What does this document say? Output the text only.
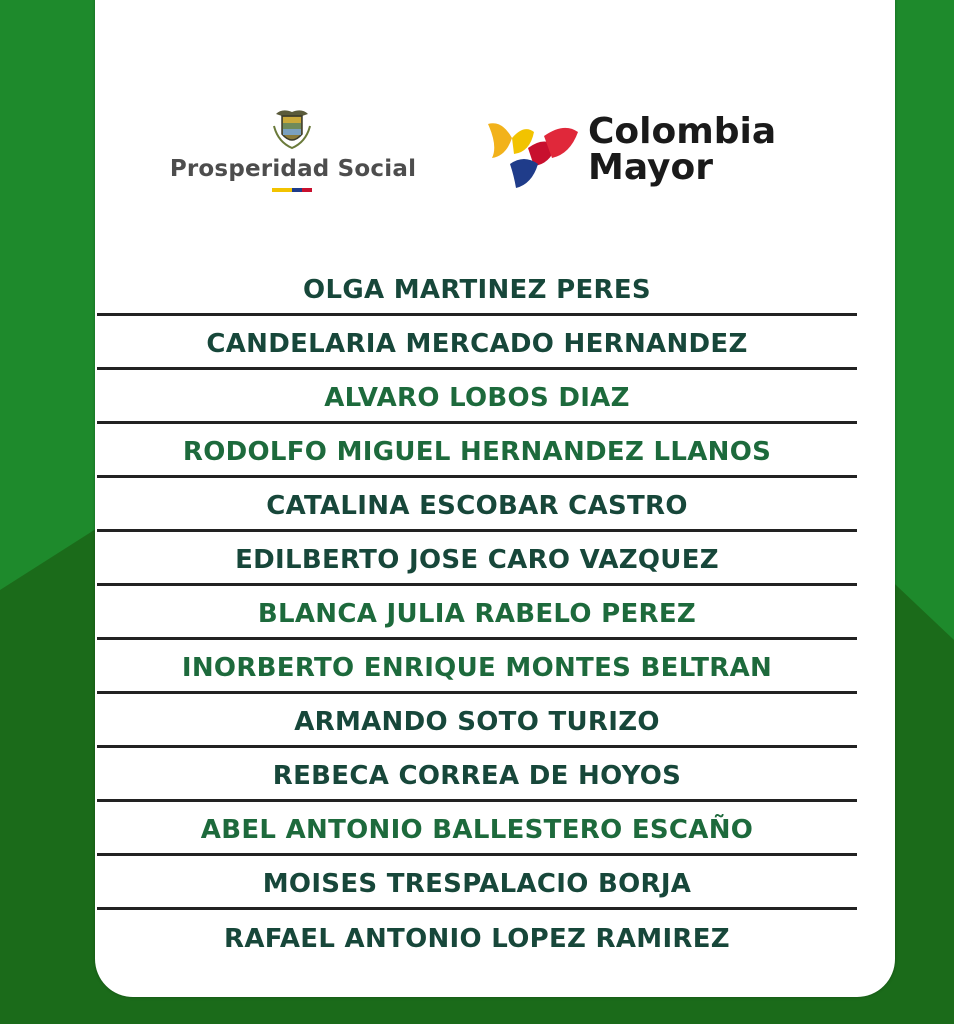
Prosperidad Social
Colombia
Mayor
OLGA MARTINEZ PERES
CANDELARIA MERCADO HERNANDEZ
ALVARO LOBOS DIAZ
RODOLFO MIGUEL HERNANDEZ LLANOS
CATALINA ESCOBAR CASTRO
EDILBERTO JOSE CARO VAZQUEZ
BLANCA JULIA RABELO PEREZ
INORBERTO ENRIQUE MONTES BELTRAN
ARMANDO SOTO TURIZO
REBECA CORREA DE HOYOS
ABEL ANTONIO BALLESTERO ESCAÑO
MOISES TRESPALACIO BORJA
RAFAEL ANTONIO LOPEZ RAMIREZ
